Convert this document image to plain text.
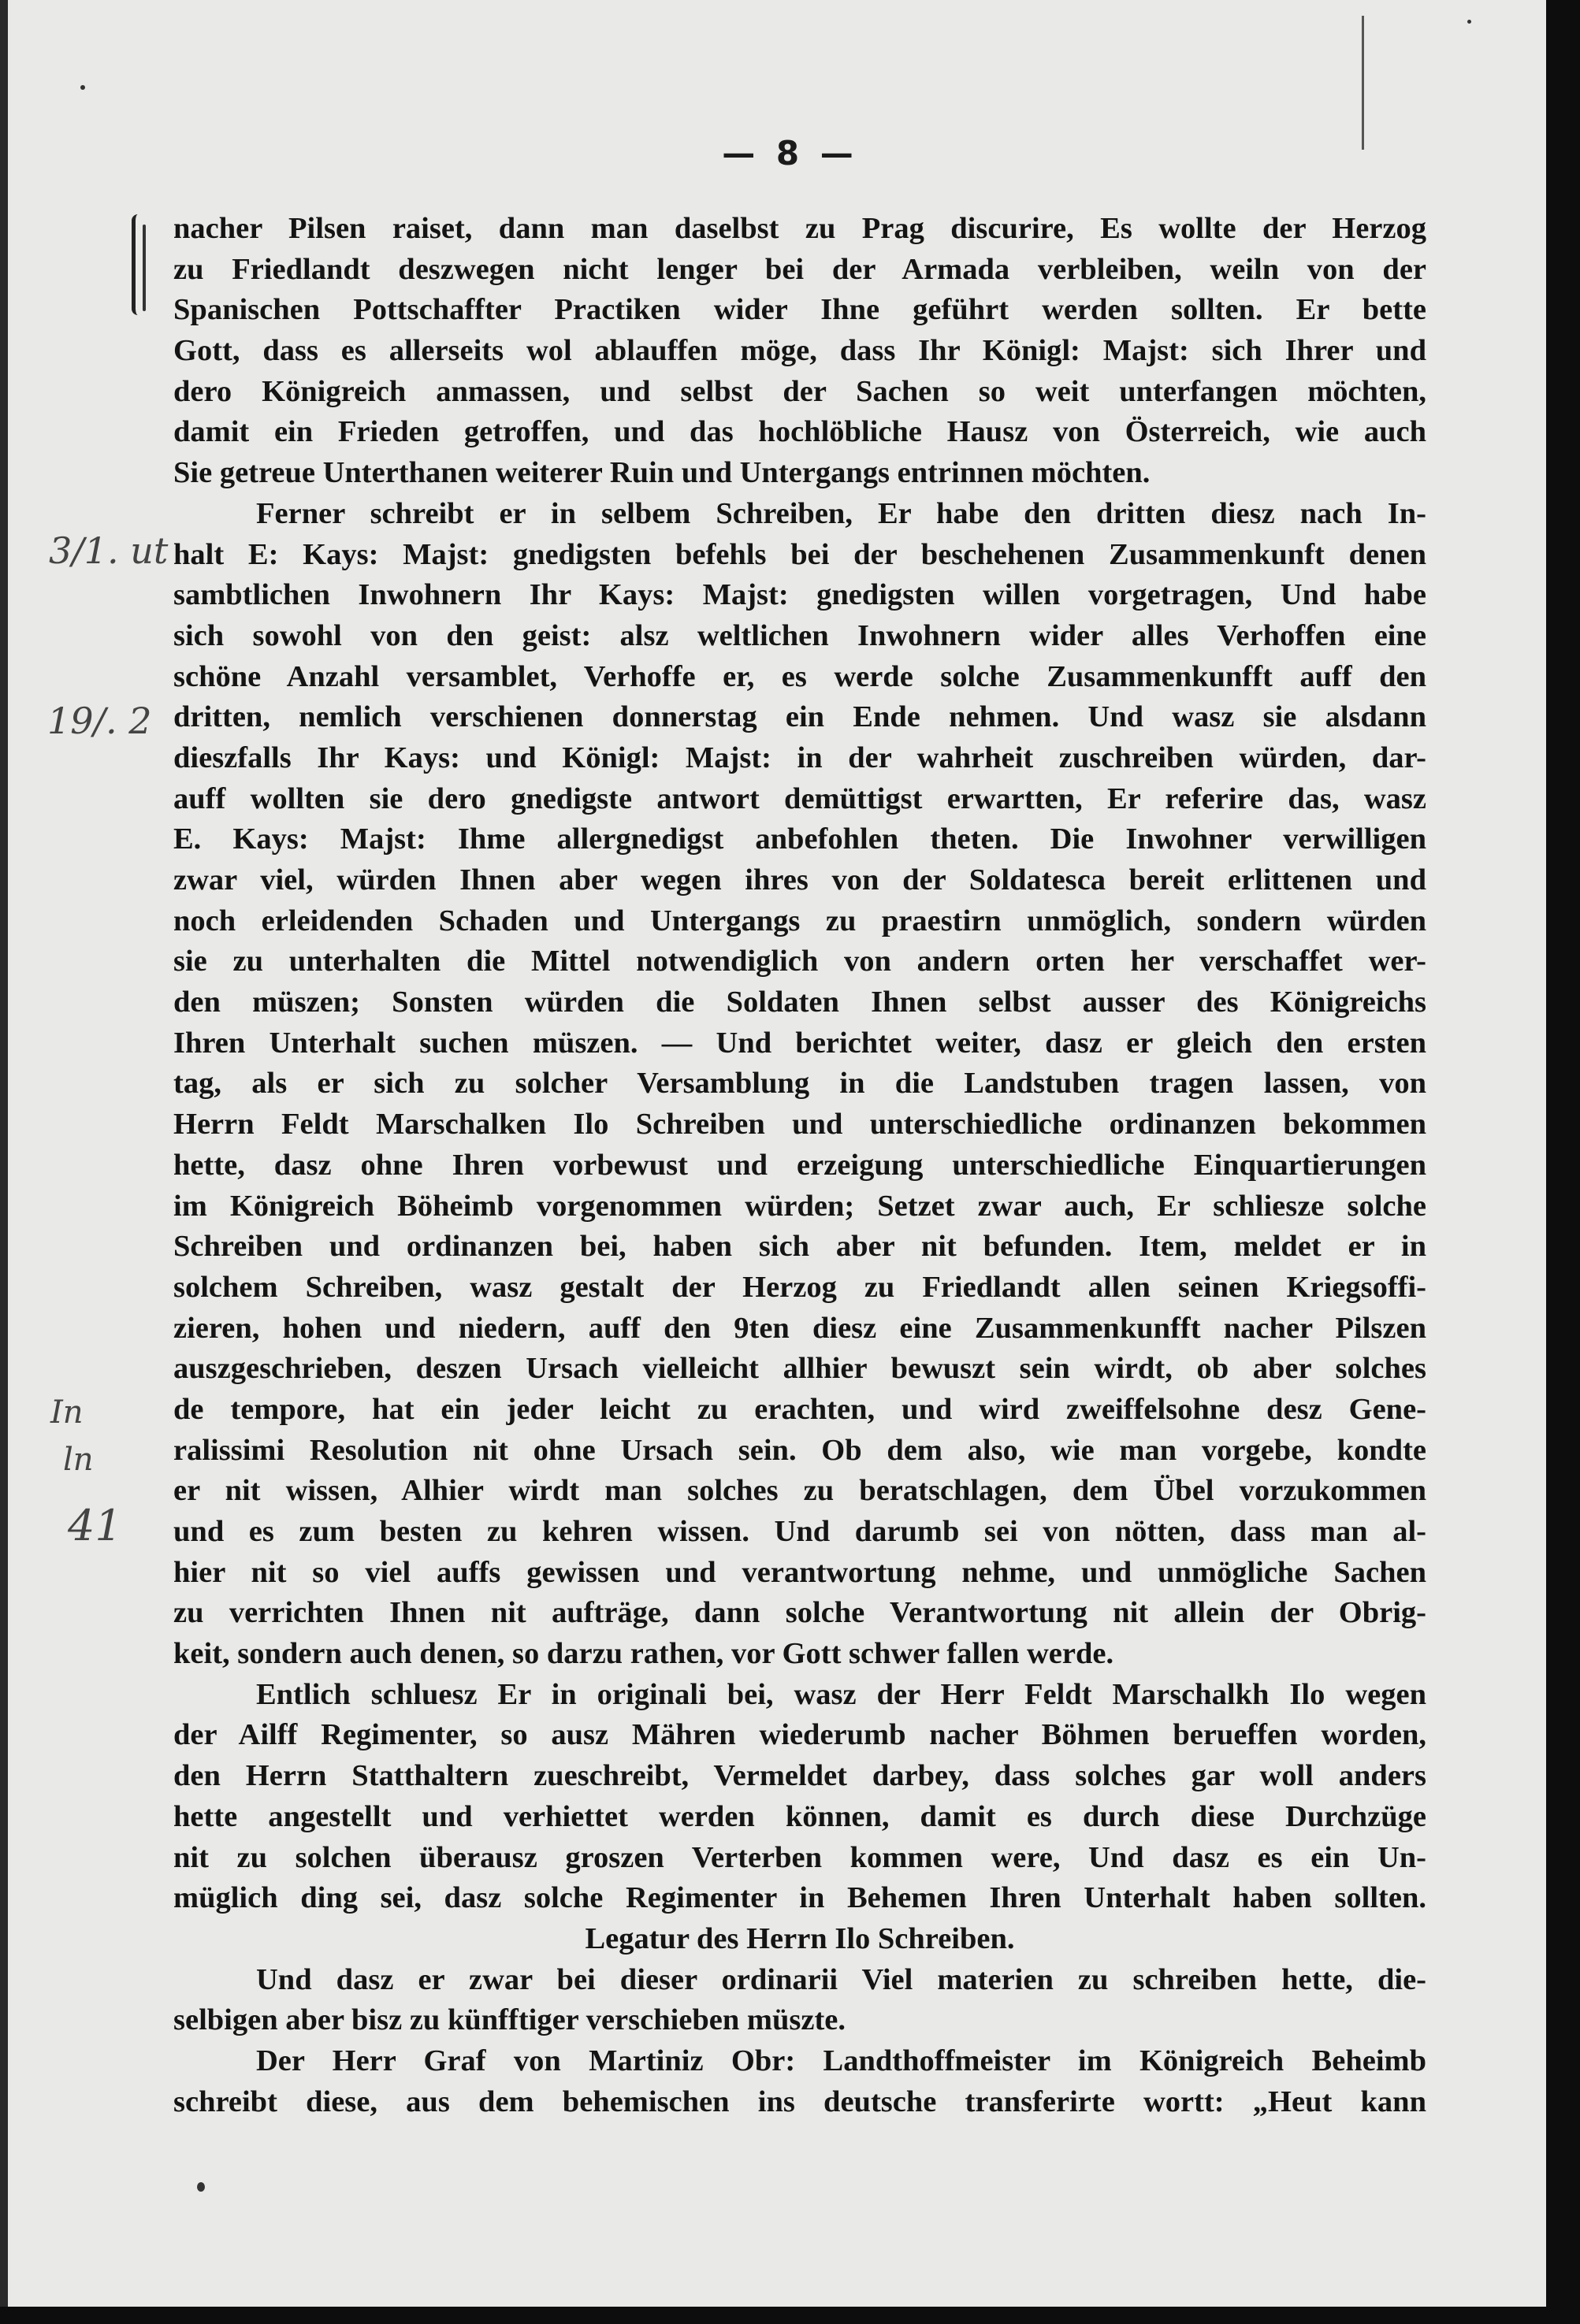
— 8 —
3/1. ut
19/. 2
In
ln
41
nacher Pilsen raiset, dann man daselbst zu Prag discurire, Es wollte der Herzog
zu Friedlandt deszwegen nicht lenger bei der Armada verbleiben, weiln von der
Spanischen Pottschaffter Practiken wider Ihne geführt werden sollten. Er bette
Gott, dass es allerseits wol ablauffen möge, dass Ihr Königl: Majst: sich Ihrer und
dero Königreich anmassen, und selbst der Sachen so weit unterfangen möchten,
damit ein Frieden getroffen, und das hochlöbliche Hausz von Österreich, wie auch
Sie getreue Unterthanen weiterer Ruin und Untergangs entrinnen möchten.
Ferner schreibt er in selbem Schreiben, Er habe den dritten diesz nach In-
halt E: Kays: Majst: gnedigsten befehls bei der beschehenen Zusammenkunft denen
sambtlichen Inwohnern Ihr Kays: Majst: gnedigsten willen vorgetragen, Und habe
sich sowohl von den geist: alsz weltlichen Inwohnern wider alles Verhoffen eine
schöne Anzahl versamblet, Verhoffe er, es werde solche Zusammenkunfft auff den
dritten, nemlich verschienen donnerstag ein Ende nehmen. Und wasz sie alsdann
dieszfalls Ihr Kays: und Königl: Majst: in der wahrheit zuschreiben würden, dar-
auff wollten sie dero gnedigste antwort demüttigst erwartten, Er referire das, wasz
E. Kays: Majst: Ihme allergnedigst anbefohlen theten. Die Inwohner verwilligen
zwar viel, würden Ihnen aber wegen ihres von der Soldatesca bereit erlittenen und
noch erleidenden Schaden und Untergangs zu praestirn unmöglich, sondern würden
sie zu unterhalten die Mittel notwendiglich von andern orten her verschaffet wer-
den müszen; Sonsten würden die Soldaten Ihnen selbst ausser des Königreichs
Ihren Unterhalt suchen müszen. — Und berichtet weiter, dasz er gleich den ersten
tag, als er sich zu solcher Versamblung in die Landstuben tragen lassen, von
Herrn Feldt Marschalken Ilo Schreiben und unterschiedliche ordinanzen bekommen
hette, dasz ohne Ihren vorbewust und erzeigung unterschiedliche Einquartierungen
im Königreich Böheimb vorgenommen würden; Setzet zwar auch, Er schliesze solche
Schreiben und ordinanzen bei, haben sich aber nit befunden. Item, meldet er in
solchem Schreiben, wasz gestalt der Herzog zu Friedlandt allen seinen Kriegsoffi-
zieren, hohen und niedern, auff den 9ten diesz eine Zusammenkunfft nacher Pilszen
auszgeschrieben, deszen Ursach vielleicht allhier bewuszt sein wirdt, ob aber solches
de tempore, hat ein jeder leicht zu erachten, und wird zweiffelsohne desz Gene-
ralissimi Resolution nit ohne Ursach sein. Ob dem also, wie man vorgebe, kondte
er nit wissen, Alhier wirdt man solches zu beratschlagen, dem Übel vorzukommen
und es zum besten zu kehren wissen. Und darumb sei von nötten, dass man al-
hier nit so viel auffs gewissen und verantwortung nehme, und unmögliche Sachen
zu verrichten Ihnen nit aufträge, dann solche Verantwortung nit allein der Obrig-
keit, sondern auch denen, so darzu rathen, vor Gott schwer fallen werde.
Entlich schluesz Er in originali bei, wasz der Herr Feldt Marschalkh Ilo wegen
der Ailff Regimenter, so ausz Mähren wiederumb nacher Böhmen berueffen worden,
den Herrn Statthaltern zueschreibt, Vermeldet darbey, dass solches gar woll anders
hette angestellt und verhiettet werden können, damit es durch diese Durchzüge
nit zu solchen überausz groszen Verterben kommen were, Und dasz es ein Un-
müglich ding sei, dasz solche Regimenter in Behemen Ihren Unterhalt haben sollten.
Legatur des Herrn Ilo Schreiben.
Und dasz er zwar bei dieser ordinarii Viel materien zu schreiben hette, die-
selbigen aber bisz zu künfftiger verschieben müszte.
Der Herr Graf von Martiniz Obr: Landthoffmeister im Königreich Beheimb
schreibt diese, aus dem behemischen ins deutsche transferirte wortt: „Heut kann
